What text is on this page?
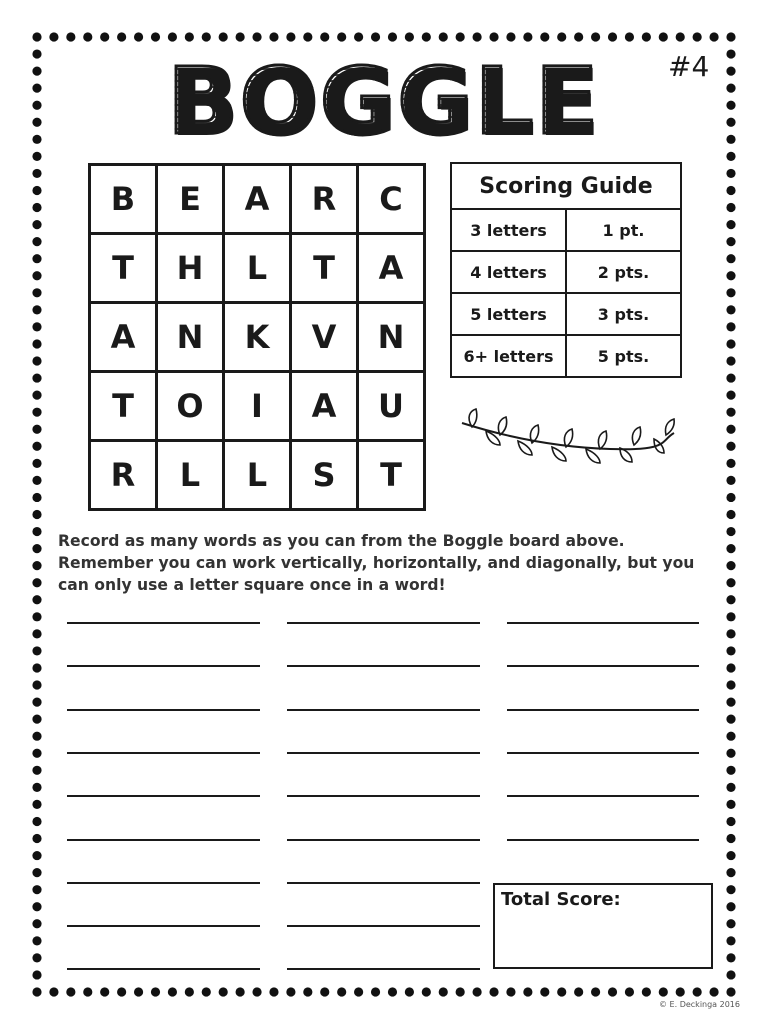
BOGGLE	#4
B	E	A	R	C
T	H	L	T	A
A	N	K	V	N
T	O	I	A	U
R	L	L	S	T
Scoring Guide	
3 letters	1 pt.
4 letters	2 pts.
5 letters	3 pts.
6+ letters	5 pts.
Record as many words as you can from the Boggle board above. Remember you can work vertically, horizontally, and diagonally, but you can only use a letter square once in a word!
Total Score:
© E. Deckinga 2016
